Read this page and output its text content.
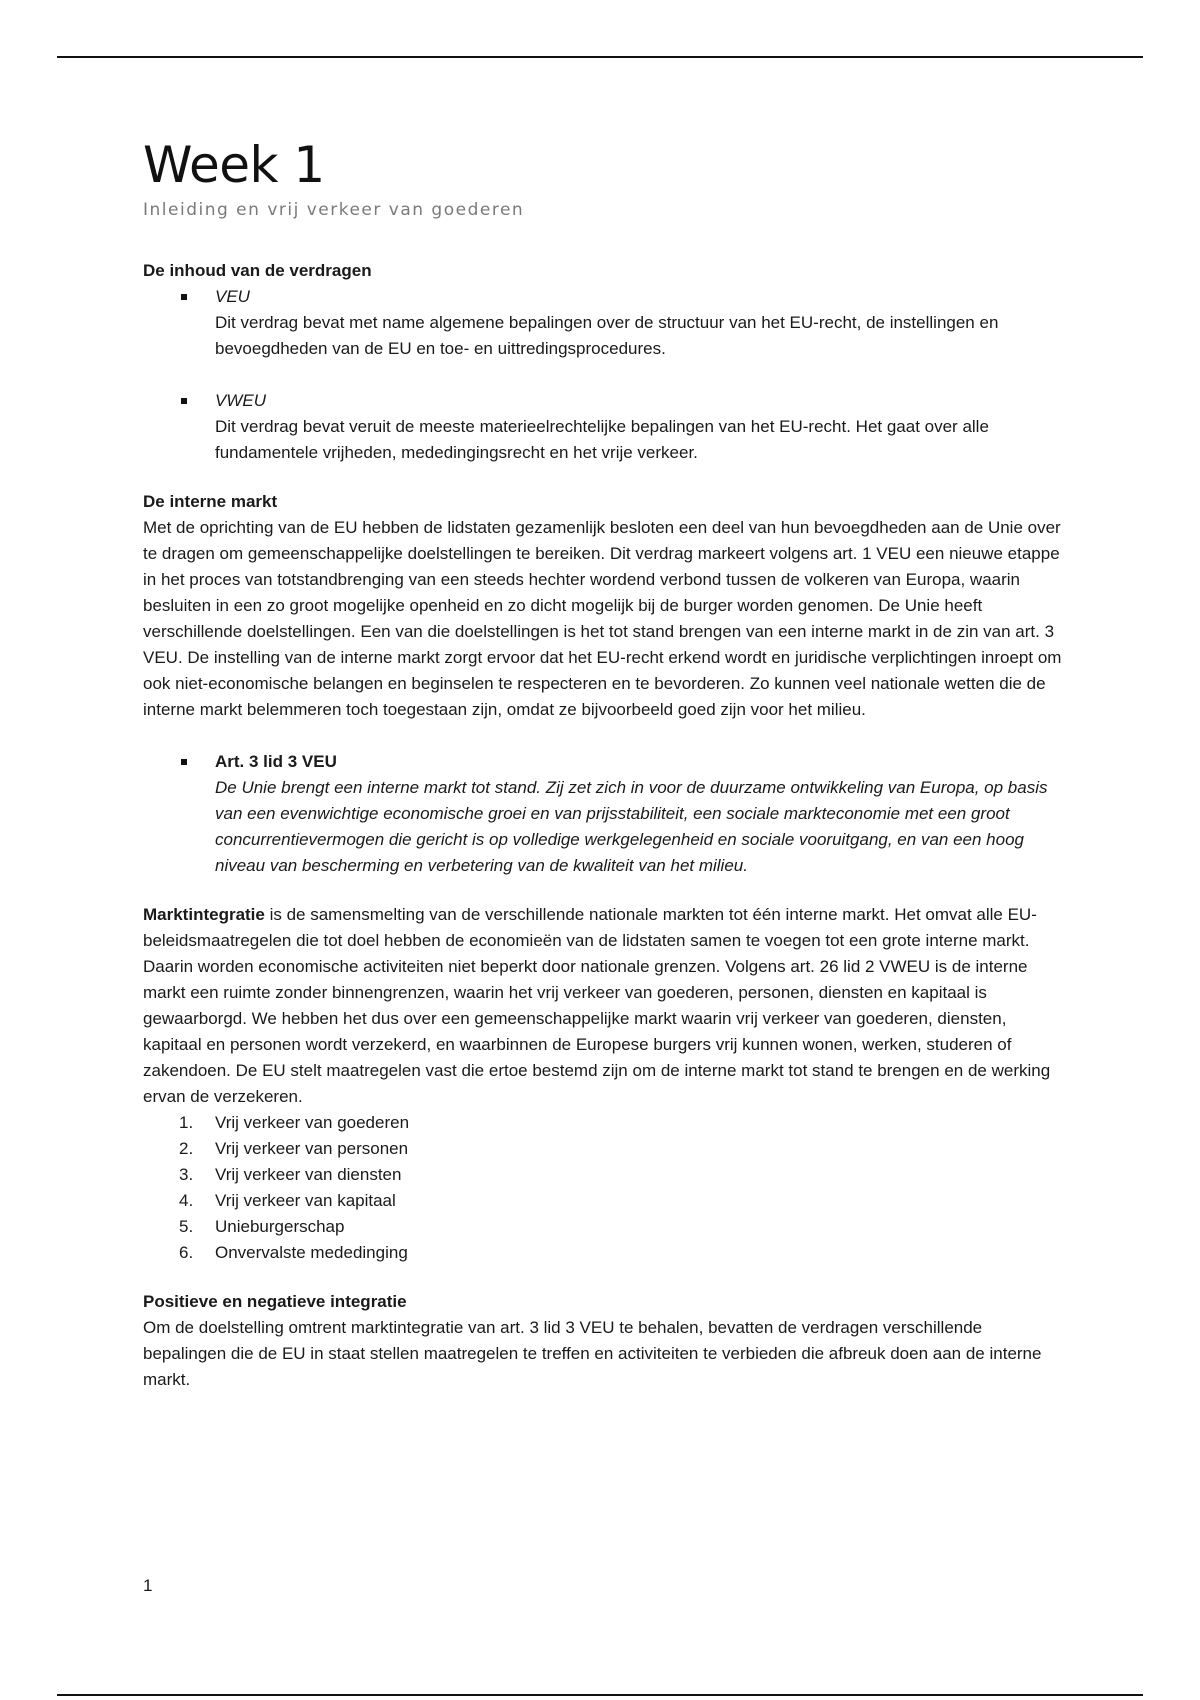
Week 1
Inleiding en vrij verkeer van goederen

De inhoud van de verdragen

VEU

Dit verdrag bevat met name algemene bepalingen over de structuur van het EU-recht, de instellingen en bevoegdheden van de EU en toe- en uittredingsprocedures.

VWEU

Dit verdrag bevat veruit de meeste materieelrechtelijke bepalingen van het EU-recht. Het gaat over alle fundamentele vrijheden, mededingingsrecht en het vrije verkeer.

De interne markt

Met de oprichting van de EU hebben de lidstaten gezamenlijk besloten een deel van hun bevoegdheden aan de Unie over te dragen om gemeenschappelijke doelstellingen te bereiken. Dit verdrag markeert volgens art. 1 VEU een nieuwe etappe in het proces van totstandbrenging van een steeds hechter wordend verbond tussen de volkeren van Europa, waarin besluiten in een zo groot mogelijke openheid en zo dicht mogelijk bij de burger worden genomen. De Unie heeft verschillende doelstellingen. Een van die doelstellingen is het tot stand brengen van een interne markt in de zin van art. 3 VEU. De instelling van de interne markt zorgt ervoor dat het EU-recht erkend wordt en juridische verplichtingen inroept om ook niet-economische belangen en beginselen te respecteren en te bevorderen. Zo kunnen veel nationale wetten die de interne markt belemmeren toch toegestaan zijn, omdat ze bijvoorbeeld goed zijn voor het milieu.

Art. 3 lid 3 VEU

De Unie brengt een interne markt tot stand. Zij zet zich in voor de duurzame ontwikkeling van Europa, op basis van een evenwichtige economische groei en van prijsstabiliteit, een sociale markteconomie met een groot concurrentievermogen die gericht is op volledige werkgelegenheid en sociale vooruitgang, en van een hoog niveau van bescherming en verbetering van de kwaliteit van het milieu.

Marktintegratie is de samensmelting van de verschillende nationale markten tot één interne markt. Het omvat alle EU-beleidsmaatregelen die tot doel hebben de economieën van de lidstaten samen te voegen tot een grote interne markt. Daarin worden economische activiteiten niet beperkt door nationale grenzen. Volgens art. 26 lid 2 VWEU is de interne markt een ruimte zonder binnengrenzen, waarin het vrij verkeer van goederen, personen, diensten en kapitaal is gewaarborgd. We hebben het dus over een gemeenschappelijke markt waarin vrij verkeer van goederen, diensten, kapitaal en personen wordt verzekerd, en waarbinnen de Europese burgers vrij kunnen wonen, werken, studeren of zakendoen. De EU stelt maatregelen vast die ertoe bestemd zijn om de interne markt tot stand te brengen en de werking ervan de verzekeren.

1. Vrij verkeer van goederen
2. Vrij verkeer van personen
3. Vrij verkeer van diensten
4. Vrij verkeer van kapitaal
5. Unieburgerschap
6. Onvervalste mededinging

Positieve en negatieve integratie

Om de doelstelling omtrent marktintegratie van art. 3 lid 3 VEU te behalen, bevatten de verdragen verschillende bepalingen die de EU in staat stellen maatregelen te treffen en activiteiten te verbieden die afbreuk doen aan de interne markt.

1
